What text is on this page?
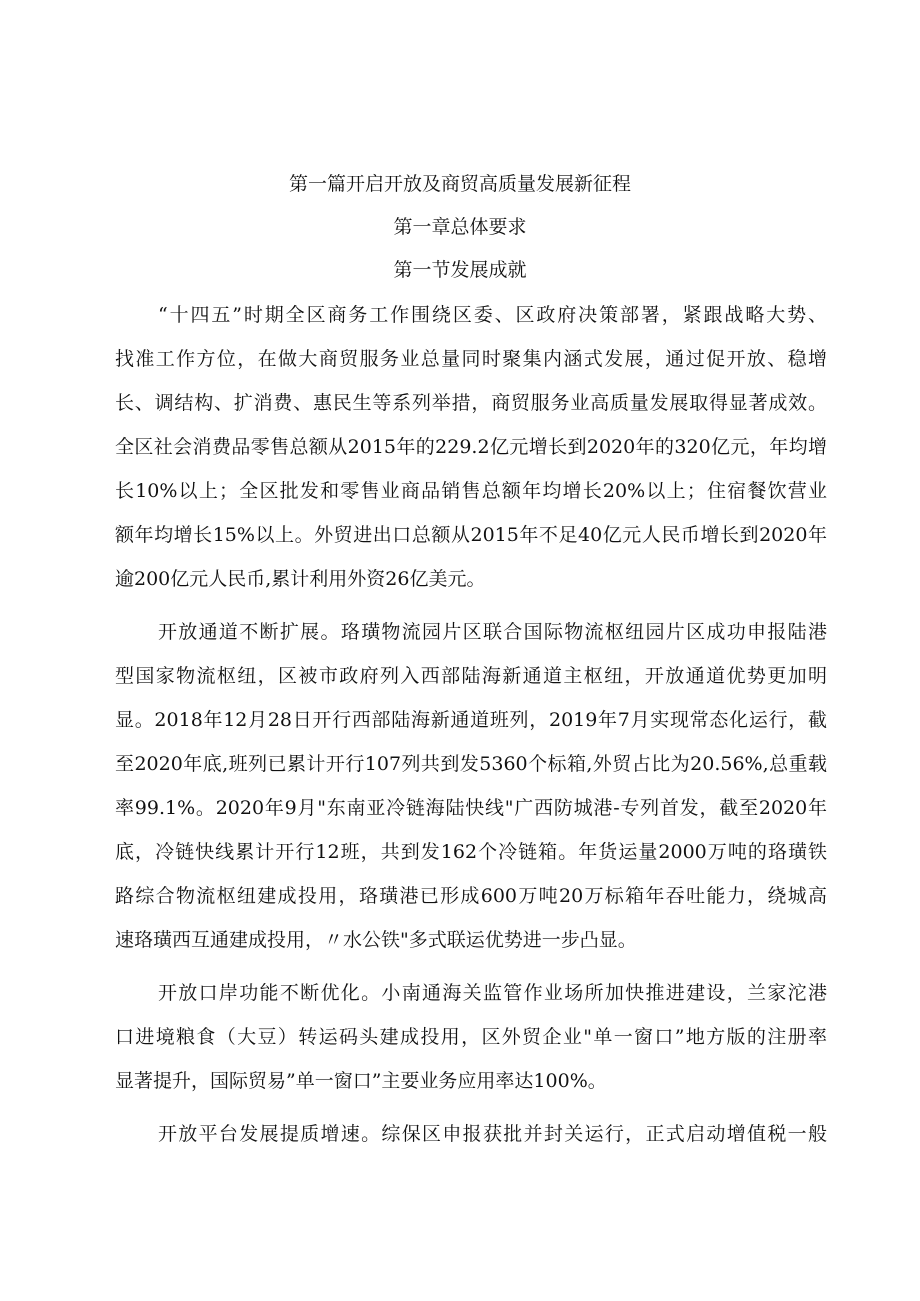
第一篇开启开放及商贸高质量发展新征程
第一章总体要求
第一节发展成就
“十四五”时期全区商务工作围绕区委、区政府决策部署，紧跟战略大势、
找准工作方位，在做大商贸服务业总量同时聚集内涵式发展，通过促开放、稳增
长、调结构、扩消费、惠民生等系列举措，商贸服务业高质量发展取得显著成效。
全区社会消费品零售总额从2015年的229.2亿元增长到2020年的320亿元，年均增
长10%以上；全区批发和零售业商品销售总额年均增长20%以上；住宿餐饮营业
额年均增长15%以上。外贸进出口总额从2015年不足40亿元人民币增长到2020年
逾200亿元人民币,累计利用外资26亿美元。
开放通道不断扩展。珞璜物流园片区联合国际物流枢纽园片区成功申报陆港
型国家物流枢纽，区被市政府列入西部陆海新通道主枢纽，开放通道优势更加明
显。2018年12月28日开行西部陆海新通道班列，2019年7月实现常态化运行，截
至2020年底,班列已累计开行107列共到发5360个标箱,外贸占比为20.56%,总重载
率99.1%。2020年9月"东南亚冷链海陆快线"广西防城港-专列首发，截至2020年
底，冷链快线累计开行12班，共到发162个冷链箱。年货运量2000万吨的珞璜铁
路综合物流枢纽建成投用，珞璜港已形成600万吨20万标箱年吞吐能力，绕城高
速珞璜西互通建成投用，〃水公铁"多式联运优势进一步凸显。
开放口岸功能不断优化。小南通海关监管作业场所加快推进建设，兰家沱港
口进境粮食（大豆）转运码头建成投用，区外贸企业"单一窗口”地方版的注册率
显著提升，国际贸易”单一窗口”主要业务应用率达100%。
开放平台发展提质增速。综保区申报获批并封关运行，正式启动增值税一般
